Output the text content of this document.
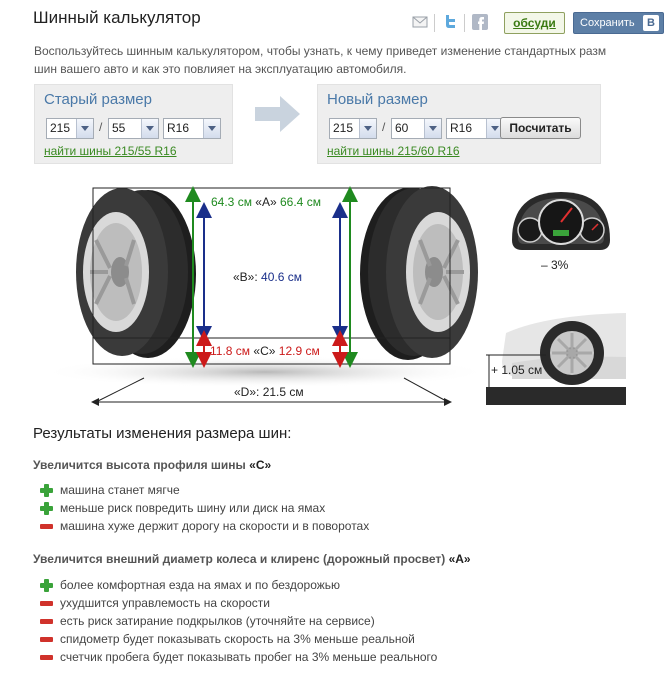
Шинный калькулятор	обсуди	Сохранить	В
Воспользуйтесь шинным калькулятором, чтобы узнать, к чему приведет изменение стандартных разм
шин вашего авто и как это повлияет на эксплуатацию автомобиля.
Старый размер
215	/ 55	R16
найти шины 215/55 R16
Новый размер
215	/ 60	R16	Посчитать
найти шины 215/60 R16
64.3 см «A» 66.4 см
«B»: 40.6 см
11.8 см «C» 12.9 см
«D»: 21.5 см
– 3%
+ 1.05 см
Результаты изменения размера шин:
Увеличится высота профиля шины «C»
машина станет мягче
меньше риск повредить шину или диск на ямах
машина хуже держит дорогу на скорости и в поворотах
Увеличится внешний диаметр колеса и клиренс (дорожный просвет) «A»
более комфортная езда на ямах и по бездорожью
ухудшится управлемость на скорости
есть риск затирание подкрылков (уточняйте на сервисе)
спидометр будет показывать скорость на 3% меньше реальной
счетчик пробега будет показывать пробег на 3% меньше реального
